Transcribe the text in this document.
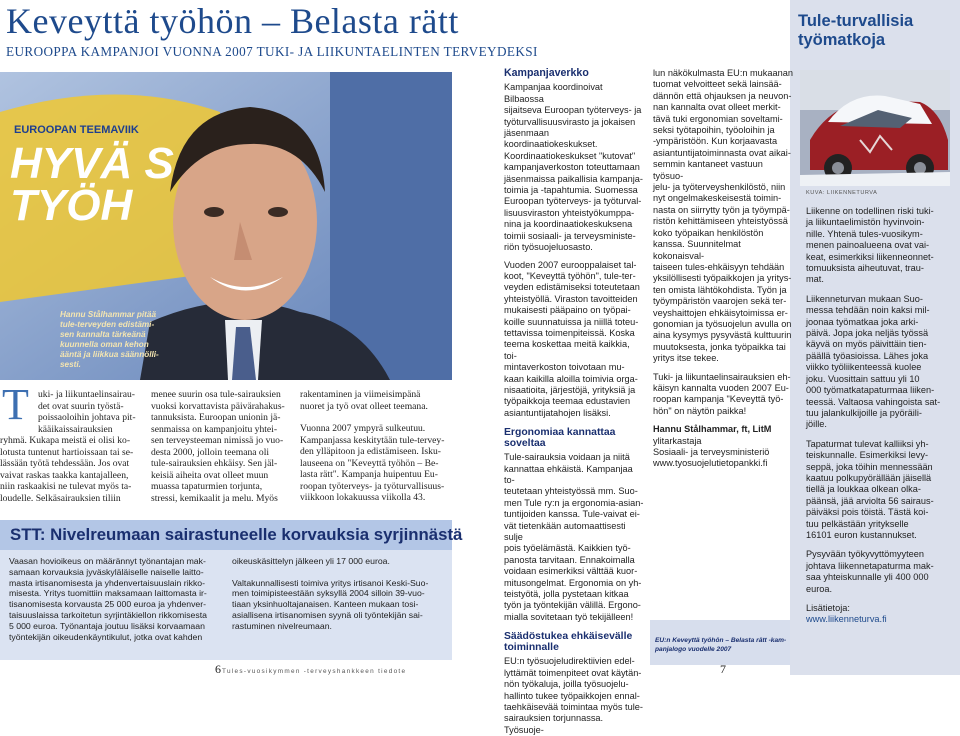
Keveyttä työhön – Belasta rätt
EUROOPPA KAMPANJOI VUONNA 2007 TUKI- JA LIIKUNTAELINTEN TERVEYDEKSI
Tule-turvallisia
työmatkoja
KUVA: LIIKENNETURVA
Liikenne on todellinen riski tuki-
ja liikuntaelimistön hyvinvoin-
nille. Yhtenä tules-vuosikym-
menen painoalueena ovat vai-
keat, esimerkiksi liikenneonnet-
tomuuksista aiheutuvat, trau-
mat.
Liikenneturvan mukaan Suo-
messa tehdään noin kaksi mil-
joonaa työmatkaa joka arki-
päivä. Jopa joka neljäs työssä
käyvä on myös päivittäin tien-
päällä työasioissa. Lähes joka
viikko työliikenteessä kuolee
joku. Vuosittain sattuu yli 10
000 työmatkatapaturmaa liiken-
teessä. Valtaosa vahingoista sat-
tuu jalankulkijoille ja pyöräili-
jöille.
Tapaturmat tulevat kalliiksi yh-
teiskunnalle. Esimerkiksi levy-
seppä, joka töihin mennessään
kaatuu polkupyörällään jäisellä
tiellä ja loukkaa olkean olka-
päänsä, jää arviolta 56 sairaus-
päiväksi pois töistä. Tästä koi-
tuu pelkästään yritykselle
16101 euron kustannukset.
Pysyvään työkyvyttömyyteen
johtava liikennetapaturma mak-
saa yhteiskunnalle yli 400 000
euroa.
Lisätietoja:
www.liikenneturva.fi
EUROOPAN TEEMAVIIK
HYVÄ S
TYÖH
Hannu Stålhammar pitää
tule-terveyden edistämi-
sen kannalta tärkeänä
kuunnella oman kehon
ääntä ja liikkua säännölli-
sesti.
T uki- ja liikuntaelinsairau-
det ovat suurin työstä-
poissaoloihin johtava pit-
kääikaissairauksien
ryhmä. Kukapa meistä ei olisi ko-
lotusta tuntenut hartioissaan tai se-
lässään työtä tehdessään. Jos ovat
vaivat raskas taakka kantajalleen,
niin raskaakisi ne tulevat myös ta-
loudelle. Selkäsairauksien tiliin
menee suurin osa tule-sairauksien
vuoksi korvattavista päivärahakus-
tannuksista. Euroopan unionin jä-
senmaissa on kampanjoitu yhtei-
sen terveysteeman nimissä jo vuo-
desta 2000, jolloin teemana oli
tule-sairauksien ehkäisy. Sen jäl-
keisiä aiheita ovat olleet muun
muassa tapaturmien torjunta,
stressi, kemikaalit ja melu. Myös
rakentaminen ja viimeisimpänä
nuoret ja työ ovat olleet teemana.
Vuonna 2007 ympyrä sulkeutuu.
Kampanjassa keskitytään tule-tervey-
den ylläpitoon ja edistämiseen. Isku-
lauseena on "Keveyttä työhön – Be-
lasta rätt". Kampanja huipentuu Eu-
roopan työterveys- ja työturvallisuus-
viikkoon lokakuussa viikolla 43.
STT: Nivelreumaan sairastuneelle korvauksia syrjinnästä
Vaasan hovioikeus on määrännyt työnantajan mak-
samaan korvauksia jyväskyläläiselle naiselle laitto-
masta irtisanomisesta ja yhdenvertaisuuslain rikko-
misesta. Yritys tuomittiin maksamaan laittomasta ir-
tisanomisesta korvausta 25 000 euroa ja yhdenver-
taisuuslaissa tarkoitetun syrjintäkiellon rikkomisesta
5 000 euroa. Työnantaja joutuu lisäksi korvaamaan
työntekijän oikeudenkäyntikulut, jotka ovat kahden
oikeuskäsittelyn jälkeen yli 17 000 euroa.
Valtakunnallisesti toimiva yritys irtisanoi Keski-Suo-
men toimipisteestään syksyllä 2004 silloin 39-vuo-
tiaan yksinhuoltajanaisen. Kanteen mukaan tosi-
asiallisena irtisanomisen syynä oli työntekijän sai-
rastuminen nivelreumaan.
Kampanjaverkko
Kampanjaa koordinoivat Bilbaossa
sijaitseva Euroopan työterveys- ja
työturvallisuusvirasto ja jokaisen
jäsenmaan koordinaatiokeskukset.
Koordinaatiokeskukset "kutovat"
kampanjaverkoston toteuttamaan
jäsenmaissa paikallisia kampanja-
toimia ja -tapahtumia. Suomessa
Euroopan työterveys- ja työturval-
lisuusviraston yhteistyökumppa-
nina ja koordinaatiokeskuksena
toimii sosiaali- ja terveysministe-
riön työsuojeluosasto.
Vuoden 2007 eurooppalaiset tal-
koot, "Keveyttä työhön", tule-ter-
veyden edistämiseksi toteutetaan
yhteistyöllä. Viraston tavoitteiden
mukaisesti pääpaino on työpai-
koille suunnatuissa ja niillä toteu-
tettavissa toimenpiteissä. Koska
teema koskettaa meitä kaikkia, toi-
mintaverkoston toivotaan mu-
kaan kaikilla aloilla toimivia orga-
nisaatioita, järjestöjä, yrityksiä ja
työpaikkoja teemaa edustavien
asiantuntijatahojen lisäksi.
Ergonomiaa kannattaa
soveltaa
Tule-sairauksia voidaan ja niitä
kannattaa ehkäistä. Kampanjaa to-
teutetaan yhteistyössä mm. Suo-
men Tule ry:n ja ergonomia-asian-
tuntijoiden kanssa. Tule-vaivat ei-
vät tietenkään automaattisesti sulje
pois työelämästä. Kaikkien työ-
panosta tarvitaan. Ennakoimalla
voidaan esimerkiksi välttää kuor-
mitusongelmat. Ergonomia on yh-
teistyötä, jolla pystetaan kitkaa
työn ja työntekijän välillä. Ergono-
mialla sovitetaan työ tekijälleen!
Säädöstukea ehkäisevälle
toiminnalle
EU:n työsuojeludirektiivien edel-
lyttämät toimenpiteet ovat käytän-
nön työkaluja, joilla työsuojelu-
hallinto tukee työpaikkojen ennal-
taehkäisevää toimintaa myös tule-
sairauksien torjunnassa. Työsuoje-
lun näkökulmasta EU:n mukaanan
tuomat velvoitteet sekä lainsää-
dännön että ohjauksen ja neuvon-
nan kannalta ovat olleet merkit-
tävä tuki ergonomian soveltami-
seksi työtapoihin, työoloihin ja
-ympäristöön. Kun korjaavasta
asiantuntijatoiminnasta ovat aikai-
semmin kantaneet vastuun työsuo-
jelu- ja työterveyshenkilöstö, niin
nyt ongelmakeskeisestä toimin-
nasta on siirrytty työn ja työympä-
ristön kehittämiseen yhteistyössä
koko työpaikan henkilöstön
kanssa. Suunnitelmat kokonaisval-
taiseen tules-ehkäisyyn tehdään
yksilöllisesti työpaikkojen ja yritys-
ten omista lähtökohdista. Työn ja
työympäristön vaarojen sekä ter-
veyshaittojen ehkäisytoimissa er-
gonomian ja työsuojelun avulla on
aina kysymys pysyvästä kulttuurin
muutoksesta, jonka työpaikka tai
yritys itse tekee.
Tuki- ja liikuntaelinsairauksien eh-
käisyn kannalta vuoden 2007 Eu-
roopan kampanja "Keveyttä työ-
hön" on näytön paikka!
Hannu Stålhammar, ft, LitM
ylitarkastaja
Sosiaali- ja terveysministeriö
www.tyosuojelutietopankki.fi
EU:n Keveyttä työhön – Belasta rätt -kam-
panjalogo vuodelle 2007
6 Tules-vuosikymmen -terveyshankkeen tiedote	7
